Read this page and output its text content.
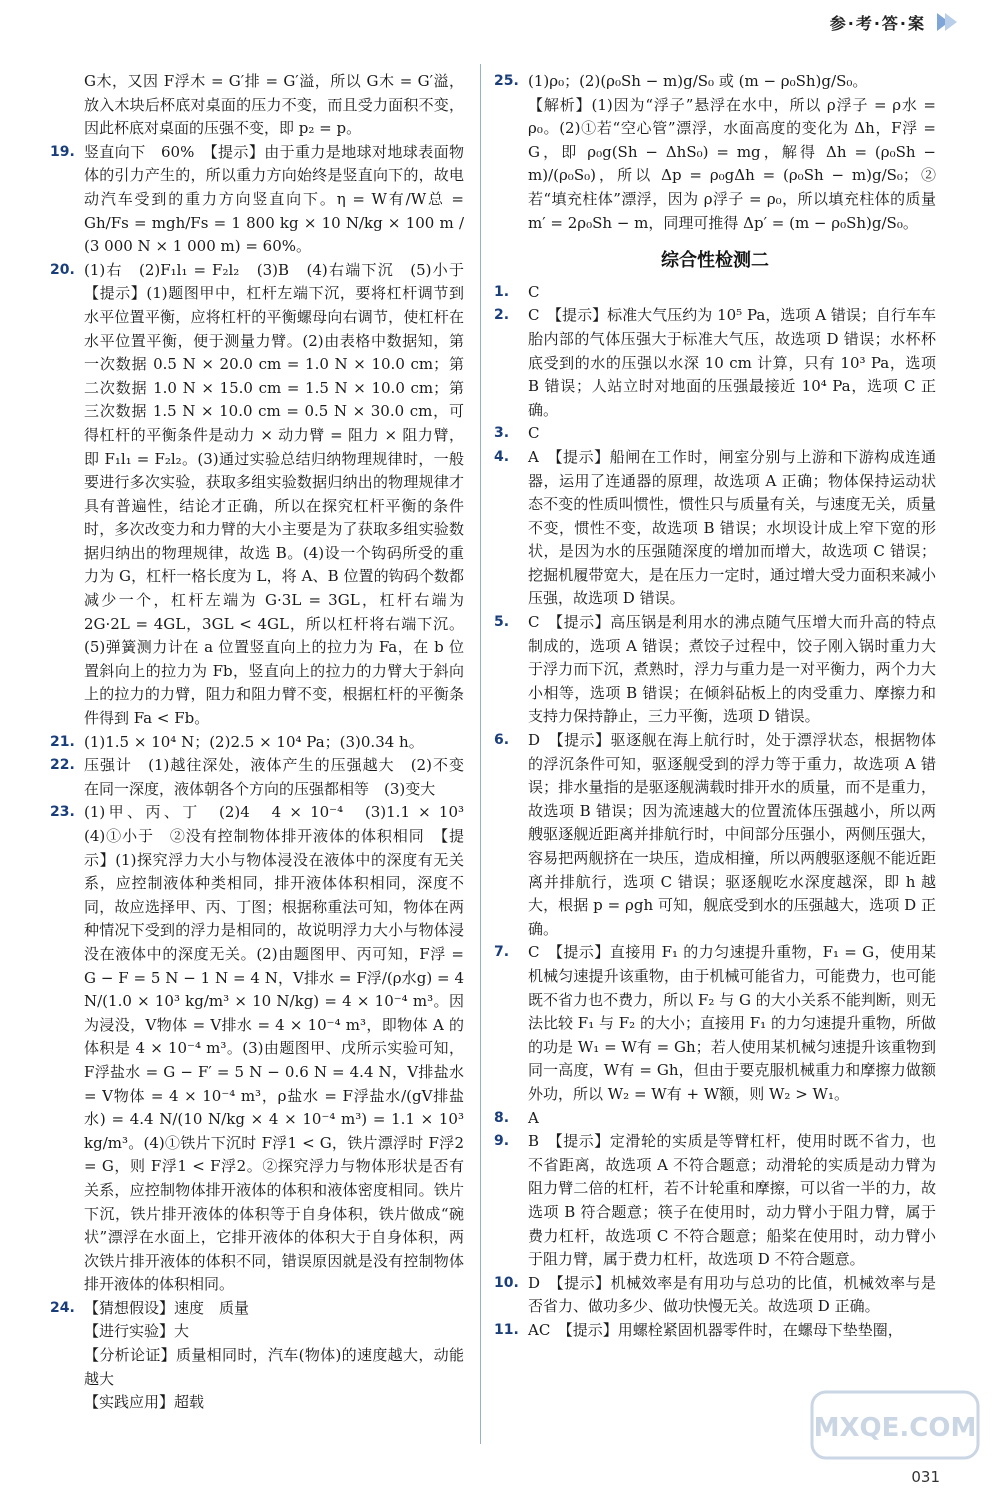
参·考·答·案
G木，又因 F浮木 = G′排 = G′溢，所以 G木 = G′溢，放入木块后杯底对桌面的压力不变，而且受力面积不变，因此杯底对桌面的压强不变，即 p₂ = p。
19. 竖直向下　60%　【提示】由于重力是地球对地球表面物体的引力产生的，所以重力方向始终是竖直向下的，故电动汽车受到的重力方向竖直向下。η = W有/W总 = Gh/Fs = mgh/Fs = 1 800 kg × 10 N/kg × 100 m / (3 000 N × 1 000 m) = 60%。
20. (1)右　(2)F₁l₁ = F₂l₂　(3)B　(4)右端下沉　(5)小于　【提示】(1)题图甲中，杠杆左端下沉，要将杠杆调节到水平位置平衡，应将杠杆的平衡螺母向右调节，使杠杆在水平位置平衡，便于测量力臂。(2)由表格中数据知，第一次数据 0.5 N × 20.0 cm = 1.0 N × 10.0 cm；第二次数据 1.0 N × 15.0 cm = 1.5 N × 10.0 cm；第三次数据 1.5 N × 10.0 cm = 0.5 N × 30.0 cm，可得杠杆的平衡条件是动力 × 动力臂 = 阻力 × 阻力臂，即 F₁l₁ = F₂l₂。(3)通过实验总结归纳物理规律时，一般要进行多次实验，获取多组实验数据归纳出的物理规律才具有普遍性，结论才正确，所以在探究杠杆平衡的条件时，多次改变力和力臂的大小主要是为了获取多组实验数据归纳出的物理规律，故选 B。(4)设一个钩码所受的重力为 G，杠杆一格长度为 L，将 A、B 位置的钩码个数都减少一个，杠杆左端为 G·3L = 3GL，杠杆右端为 2G·2L = 4GL，3GL < 4GL，所以杠杆将右端下沉。(5)弹簧测力计在 a 位置竖直向上的拉力为 Fa，在 b 位置斜向上的拉力为 Fb，竖直向上的拉力的力臂大于斜向上的拉力的力臂，阻力和阻力臂不变，根据杠杆的平衡条件得到 Fa < Fb。
21. (1)1.5 × 10⁴ N；(2)2.5 × 10⁴ Pa；(3)0.34 h。
22. 压强计　(1)越往深处，液体产生的压强越大　(2)不变　在同一深度，液体朝各个方向的压强都相等　(3)变大
23. (1)甲、丙、丁　(2)4　4 × 10⁻⁴　(3)1.1 × 10³　(4)①小于　②没有控制物体排开液体的体积相同　【提示】(1)探究浮力大小与物体浸没在液体中的深度有无关系，应控制液体种类相同，排开液体体积相同，深度不同，故应选择甲、丙、丁图；根据称重法可知，物体在两种情况下受到的浮力是相同的，故说明浮力大小与物体浸没在液体中的深度无关。(2)由题图甲、丙可知，F浮 = G − F = 5 N − 1 N = 4 N，V排水 = F浮/(ρ水g) = 4 N/(1.0 × 10³ kg/m³ × 10 N/kg) = 4 × 10⁻⁴ m³。因为浸没，V物体 = V排水 = 4 × 10⁻⁴ m³，即物体 A 的体积是 4 × 10⁻⁴ m³。(3)由题图甲、戊所示实验可知，F浮盐水 = G − F′ = 5 N − 0.6 N = 4.4 N，V排盐水 = V物体 = 4 × 10⁻⁴ m³，ρ盐水 = F浮盐水/(gV排盐水) = 4.4 N/(10 N/kg × 4 × 10⁻⁴ m³) = 1.1 × 10³ kg/m³。(4)①铁片下沉时 F浮1 < G，铁片漂浮时 F浮2 = G，则 F浮1 < F浮2。②探究浮力与物体形状是否有关系，应控制物体排开液体的体积和液体密度相同。铁片下沉，铁片排开液体的体积等于自身体积，铁片做成“碗状”漂浮在水面上，它排开液体的体积大于自身体积，两次铁片排开液体的体积不同，错误原因就是没有控制物体排开液体的体积相同。
24. 【猜想假设】速度　质量
【进行实验】大
【分析论证】质量相同时，汽车(物体)的速度越大，动能越大
【实践应用】超载
25. (1)ρ₀；(2)(ρ₀Sh − m)g/S₀ 或 (m − ρ₀Sh)g/S₀。
【解析】(1)因为“浮子”悬浮在水中，所以 ρ浮子 = ρ水 = ρ₀。(2)①若“空心管”漂浮，水面高度的变化为 Δh，F浮 = G，即 ρ₀g(Sh − ΔhS₀) = mg，解得 Δh = (ρ₀Sh − m)/(ρ₀S₀)，所以 Δp = ρ₀gΔh = (ρ₀Sh − m)g/S₀；②若“填充柱体”漂浮，因为 ρ浮子 = ρ₀，所以填充柱体的质量 m′ = 2ρ₀Sh − m，同理可推得 Δp′ = (m − ρ₀Sh)g/S₀。
综合性检测二
1.	C
2.	C　【提示】标准大气压约为 10⁵ Pa，选项 A 错误；自行车车胎内部的气体压强大于标准大气压，故选项 D 错误；水杯杯底受到的水的压强以水深 10 cm 计算，只有 10³ Pa，选项 B 错误；人站立时对地面的压强最接近 10⁴ Pa，选项 C 正确。
3.	C
4.	A　【提示】船闸在工作时，闸室分别与上游和下游构成连通器，运用了连通器的原理，故选项 A 正确；物体保持运动状态不变的性质叫惯性，惯性只与质量有关，与速度无关，质量不变，惯性不变，故选项 B 错误；水坝设计成上窄下宽的形状，是因为水的压强随深度的增加而增大，故选项 C 错误；挖掘机履带宽大，是在压力一定时，通过增大受力面积来减小压强，故选项 D 错误。
5.	C　【提示】高压锅是利用水的沸点随气压增大而升高的特点制成的，选项 A 错误；煮饺子过程中，饺子刚入锅时重力大于浮力而下沉，煮熟时，浮力与重力是一对平衡力，两个力大小相等，选项 B 错误；在倾斜砧板上的肉受重力、摩擦力和支持力保持静止，三力平衡，选项 D 错误。
6.	D　【提示】驱逐舰在海上航行时，处于漂浮状态，根据物体的浮沉条件可知，驱逐舰受到的浮力等于重力，故选项 A 错误；排水量指的是驱逐舰满载时排开水的质量，而不是重力，故选项 B 错误；因为流速越大的位置流体压强越小，所以两艘驱逐舰近距离并排航行时，中间部分压强小，两侧压强大，容易把两舰挤在一块压，造成相撞，所以两艘驱逐舰不能近距离并排航行，选项 C 错误；驱逐舰吃水深度越深，即 h 越大，根据 p = ρgh 可知，舰底受到水的压强越大，选项 D 正确。
7.	C　【提示】直接用 F₁ 的力匀速提升重物，F₁ = G，使用某机械匀速提升该重物，由于机械可能省力，可能费力，也可能既不省力也不费力，所以 F₂ 与 G 的大小关系不能判断，则无法比较 F₁ 与 F₂ 的大小；直接用 F₁ 的力匀速提升重物，所做的功是 W₁ = W有 = Gh；若人使用某机械匀速提升该重物到同一高度，W有 = Gh，但由于要克服机械重力和摩擦力做额外功，所以 W₂ = W有 + W额，则 W₂ > W₁。
8.	A
9.	B　【提示】定滑轮的实质是等臂杠杆，使用时既不省力，也不省距离，故选项 A 不符合题意；动滑轮的实质是动力臂为阻力臂二倍的杠杆，若不计轮重和摩擦，可以省一半的力，故选项 B 符合题意；筷子在使用时，动力臂小于阻力臂，属于费力杠杆，故选项 C 不符合题意；船桨在使用时，动力臂小于阻力臂，属于费力杠杆，故选项 D 不符合题意。
10. D　【提示】机械效率是有用功与总功的比值，机械效率与是否省力、做功多少、做功快慢无关。故选项 D 正确。
11. AC　【提示】用螺栓紧固机器零件时，在螺母下垫垫圈，
MXQE.COM
031
